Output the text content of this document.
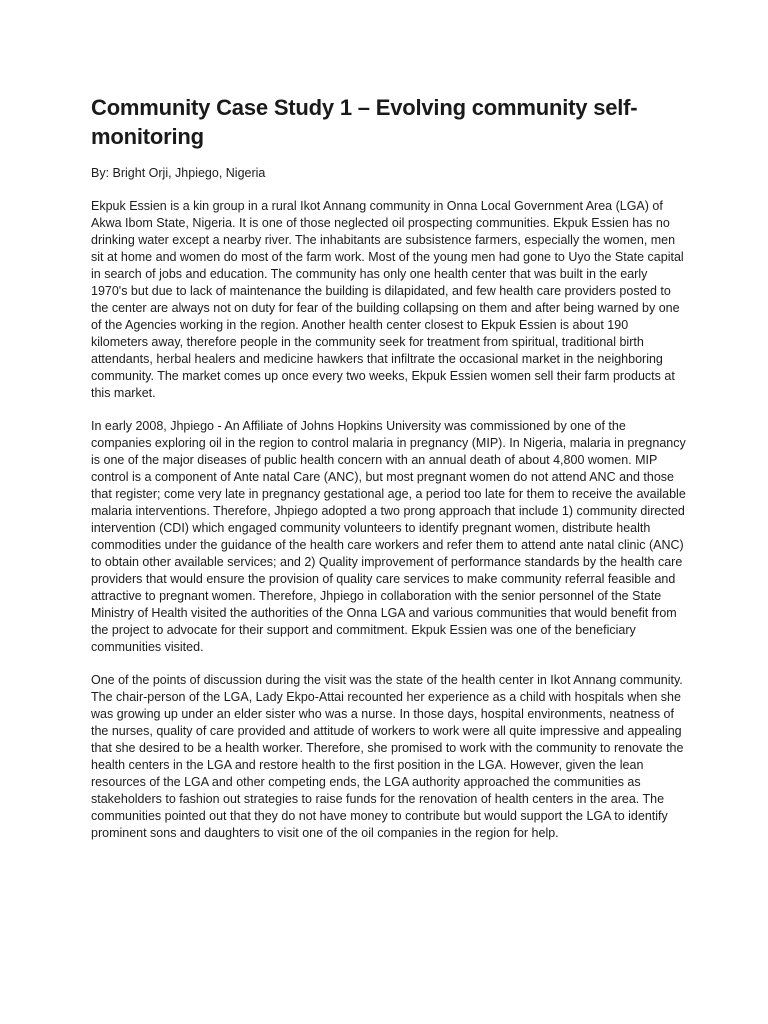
Community Case Study 1 – Evolving community self-monitoring

By: Bright Orji, Jhpiego, Nigeria

Ekpuk Essien is a kin group in a rural Ikot Annang community in Onna Local Government Area (LGA) of Akwa Ibom State, Nigeria. It is one of those neglected oil prospecting communities. Ekpuk Essien has no drinking water except a nearby river. The inhabitants are subsistence farmers, especially the women, men sit at home and women do most of the farm work. Most of the young men had gone to Uyo the State capital in search of jobs and education. The community has only one health center that was built in the early 1970's but due to lack of maintenance the building is dilapidated, and few health care providers posted to the center are always not on duty for fear of the building collapsing on them and after being warned by one of the Agencies working in the region. Another health center closest to Ekpuk Essien is about 190 kilometers away, therefore people in the community seek for treatment from spiritual, traditional birth attendants, herbal healers and medicine hawkers that infiltrate the occasional market in the neighboring community. The market comes up once every two weeks, Ekpuk Essien women sell their farm products at this market.

In early 2008, Jhpiego - An Affiliate of Johns Hopkins University was commissioned by one of the companies exploring oil in the region to control malaria in pregnancy (MIP). In Nigeria, malaria in pregnancy is one of the major diseases of public health concern with an annual death of about 4,800 women. MIP control is a component of Ante natal Care (ANC), but most pregnant women do not attend ANC and those that register; come very late in pregnancy gestational age, a period too late for them to receive the available malaria interventions. Therefore, Jhpiego adopted a two prong approach that include 1) community directed intervention (CDI) which engaged community volunteers to identify pregnant women, distribute health commodities under the guidance of the health care workers and refer them to attend ante natal clinic (ANC) to obtain other available services; and 2) Quality improvement of performance standards by the health care providers that would ensure the provision of quality care services to make community referral feasible and attractive to pregnant women. Therefore, Jhpiego in collaboration with the senior personnel of the State Ministry of Health visited the authorities of the Onna LGA and various communities that would benefit from the project to advocate for their support and commitment. Ekpuk Essien was one of the beneficiary communities visited.

One of the points of discussion during the visit was the state of the health center in Ikot Annang community. The chair-person of the LGA, Lady Ekpo-Attai recounted her experience as a child with hospitals when she was growing up under an elder sister who was a nurse. In those days, hospital environments, neatness of the nurses, quality of care provided and attitude of workers to work were all quite impressive and appealing that she desired to be a health worker. Therefore, she promised to work with the community to renovate the health centers in the LGA and restore health to the first position in the LGA. However, given the lean resources of the LGA and other competing ends, the LGA authority approached the communities as stakeholders to fashion out strategies to raise funds for the renovation of health centers in the area. The communities pointed out that they do not have money to contribute but would support the LGA to identify prominent sons and daughters to visit one of the oil companies in the region for help.
